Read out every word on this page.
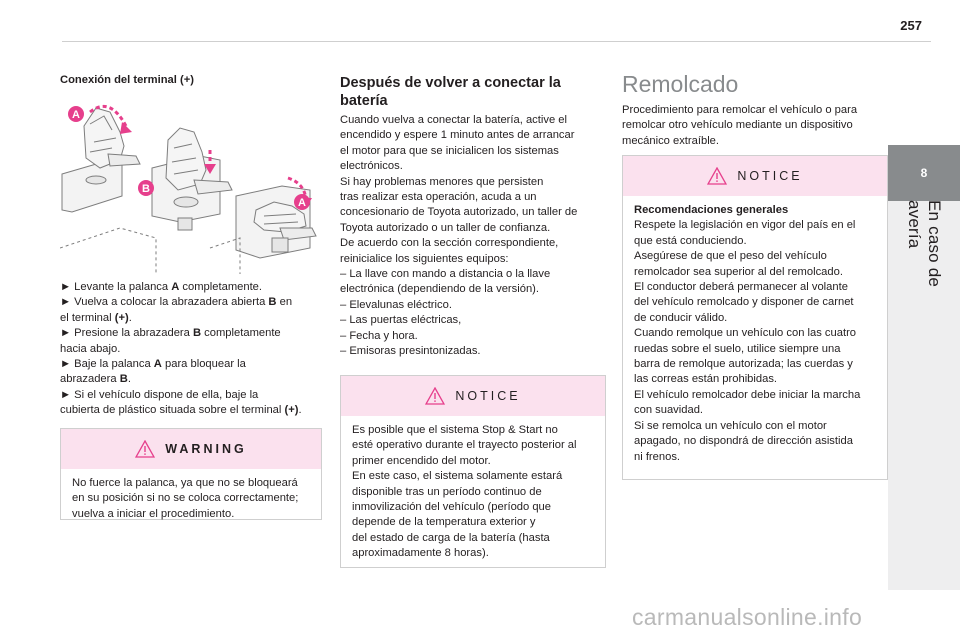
257
8
En caso de avería
Conexión del terminal (+)
A
B
A
► Levante la palanca A completamente.
► Vuelva a colocar la abrazadera abierta B en
el terminal (+).
► Presione la abrazadera B completamente
hacia abajo.
► Baje la palanca A para bloquear la
abrazadera B.
► Si el vehículo dispone de ella, baje la
cubierta de plástico situada sobre el terminal (+).
WARNING
No fuerce la palanca, ya que no se bloqueará
en su posición si no se coloca correctamente;
vuelva a iniciar el procedimiento.
Después de volver a conectar la
batería
Cuando vuelva a conectar la batería, active el
encendido y espere 1 minuto antes de arrancar
el motor para que se inicialicen los sistemas
electrónicos.
Si hay problemas menores que persisten
tras realizar esta operación, acuda a un
concesionario de Toyota autorizado, un taller de
Toyota autorizado o un taller de confianza.
De acuerdo con la sección correspondiente,
reinicialice los siguientes equipos:
– La llave con mando a distancia o la llave
electrónica (dependiendo de la versión).
– Elevalunas eléctrico.
– Las puertas eléctricas,
– Fecha y hora.
– Emisoras presintonizadas.
NOTICE
Es posible que el sistema Stop & Start no
esté operativo durante el trayecto posterior al
primer encendido del motor.
En este caso, el sistema solamente estará
disponible tras un período continuo de
inmovilización del vehículo (período que
depende de la temperatura exterior y
del estado de carga de la batería (hasta
aproximadamente 8 horas).
Remolcado
Procedimiento para remolcar el vehículo o para
remolcar otro vehículo mediante un dispositivo
mecánico extraíble.
NOTICE
Recomendaciones generales
Respete la legislación en vigor del país en el
que está conduciendo.
Asegúrese de que el peso del vehículo
remolcador sea superior al del remolcado.
El conductor deberá permanecer al volante
del vehículo remolcado y disponer de carnet
de conducir válido.
Cuando remolque un vehículo con las cuatro
ruedas sobre el suelo, utilice siempre una
barra de remolque autorizada; las cuerdas y
las correas están prohibidas.
El vehículo remolcador debe iniciar la marcha
con suavidad.
Si se remolca un vehículo con el motor
apagado, no dispondrá de dirección asistida
ni frenos.
carmanualsonline.info
